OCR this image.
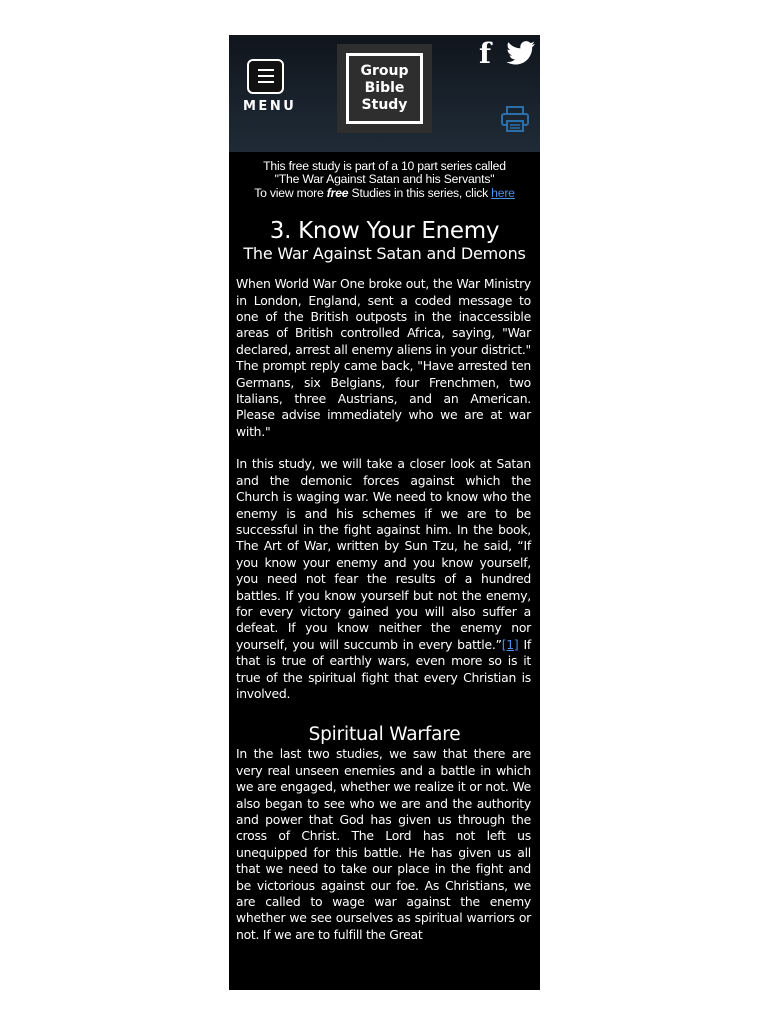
MENU
Group
Bible
Study
f
This free study is part of a 10 part series called
"The War Against Satan and his Servants"
To view more free Studies in this series, click here
3. Know Your Enemy
The War Against Satan and Demons
When World War One broke out, the War Ministry in London, England, sent a coded message to one of the British outposts in the inaccessible areas of British controlled Africa, saying, "War declared, arrest all enemy aliens in your district." The prompt reply came back, "Have arrested ten Germans, six Belgians, four Frenchmen, two Italians, three Austrians, and an American. Please advise immediately who we are at war with."
In this study, we will take a closer look at Satan and the demonic forces against which the Church is waging war. We need to know who the enemy is and his schemes if we are to be successful in the fight against him. In the book, The Art of War, written by Sun Tzu, he said, “If you know your enemy and you know yourself, you need not fear the results of a hundred battles. If you know yourself but not the enemy, for every victory gained you will also suffer a defeat. If you know neither the enemy nor yourself, you will succumb in every battle.”[1] If that is true of earthly wars, even more so is it true of the spiritual fight that every Christian is involved.
Spiritual Warfare
In the last two studies, we saw that there are very real unseen enemies and a battle in which we are engaged, whether we realize it or not. We also began to see who we are and the authority and power that God has given us through the cross of Christ. The Lord has not left us unequipped for this battle. He has given us all that we need to take our place in the fight and be victorious against our foe. As Christians, we are called to wage war against the enemy whether we see ourselves as spiritual warriors or not. If we are to fulfill the Great
